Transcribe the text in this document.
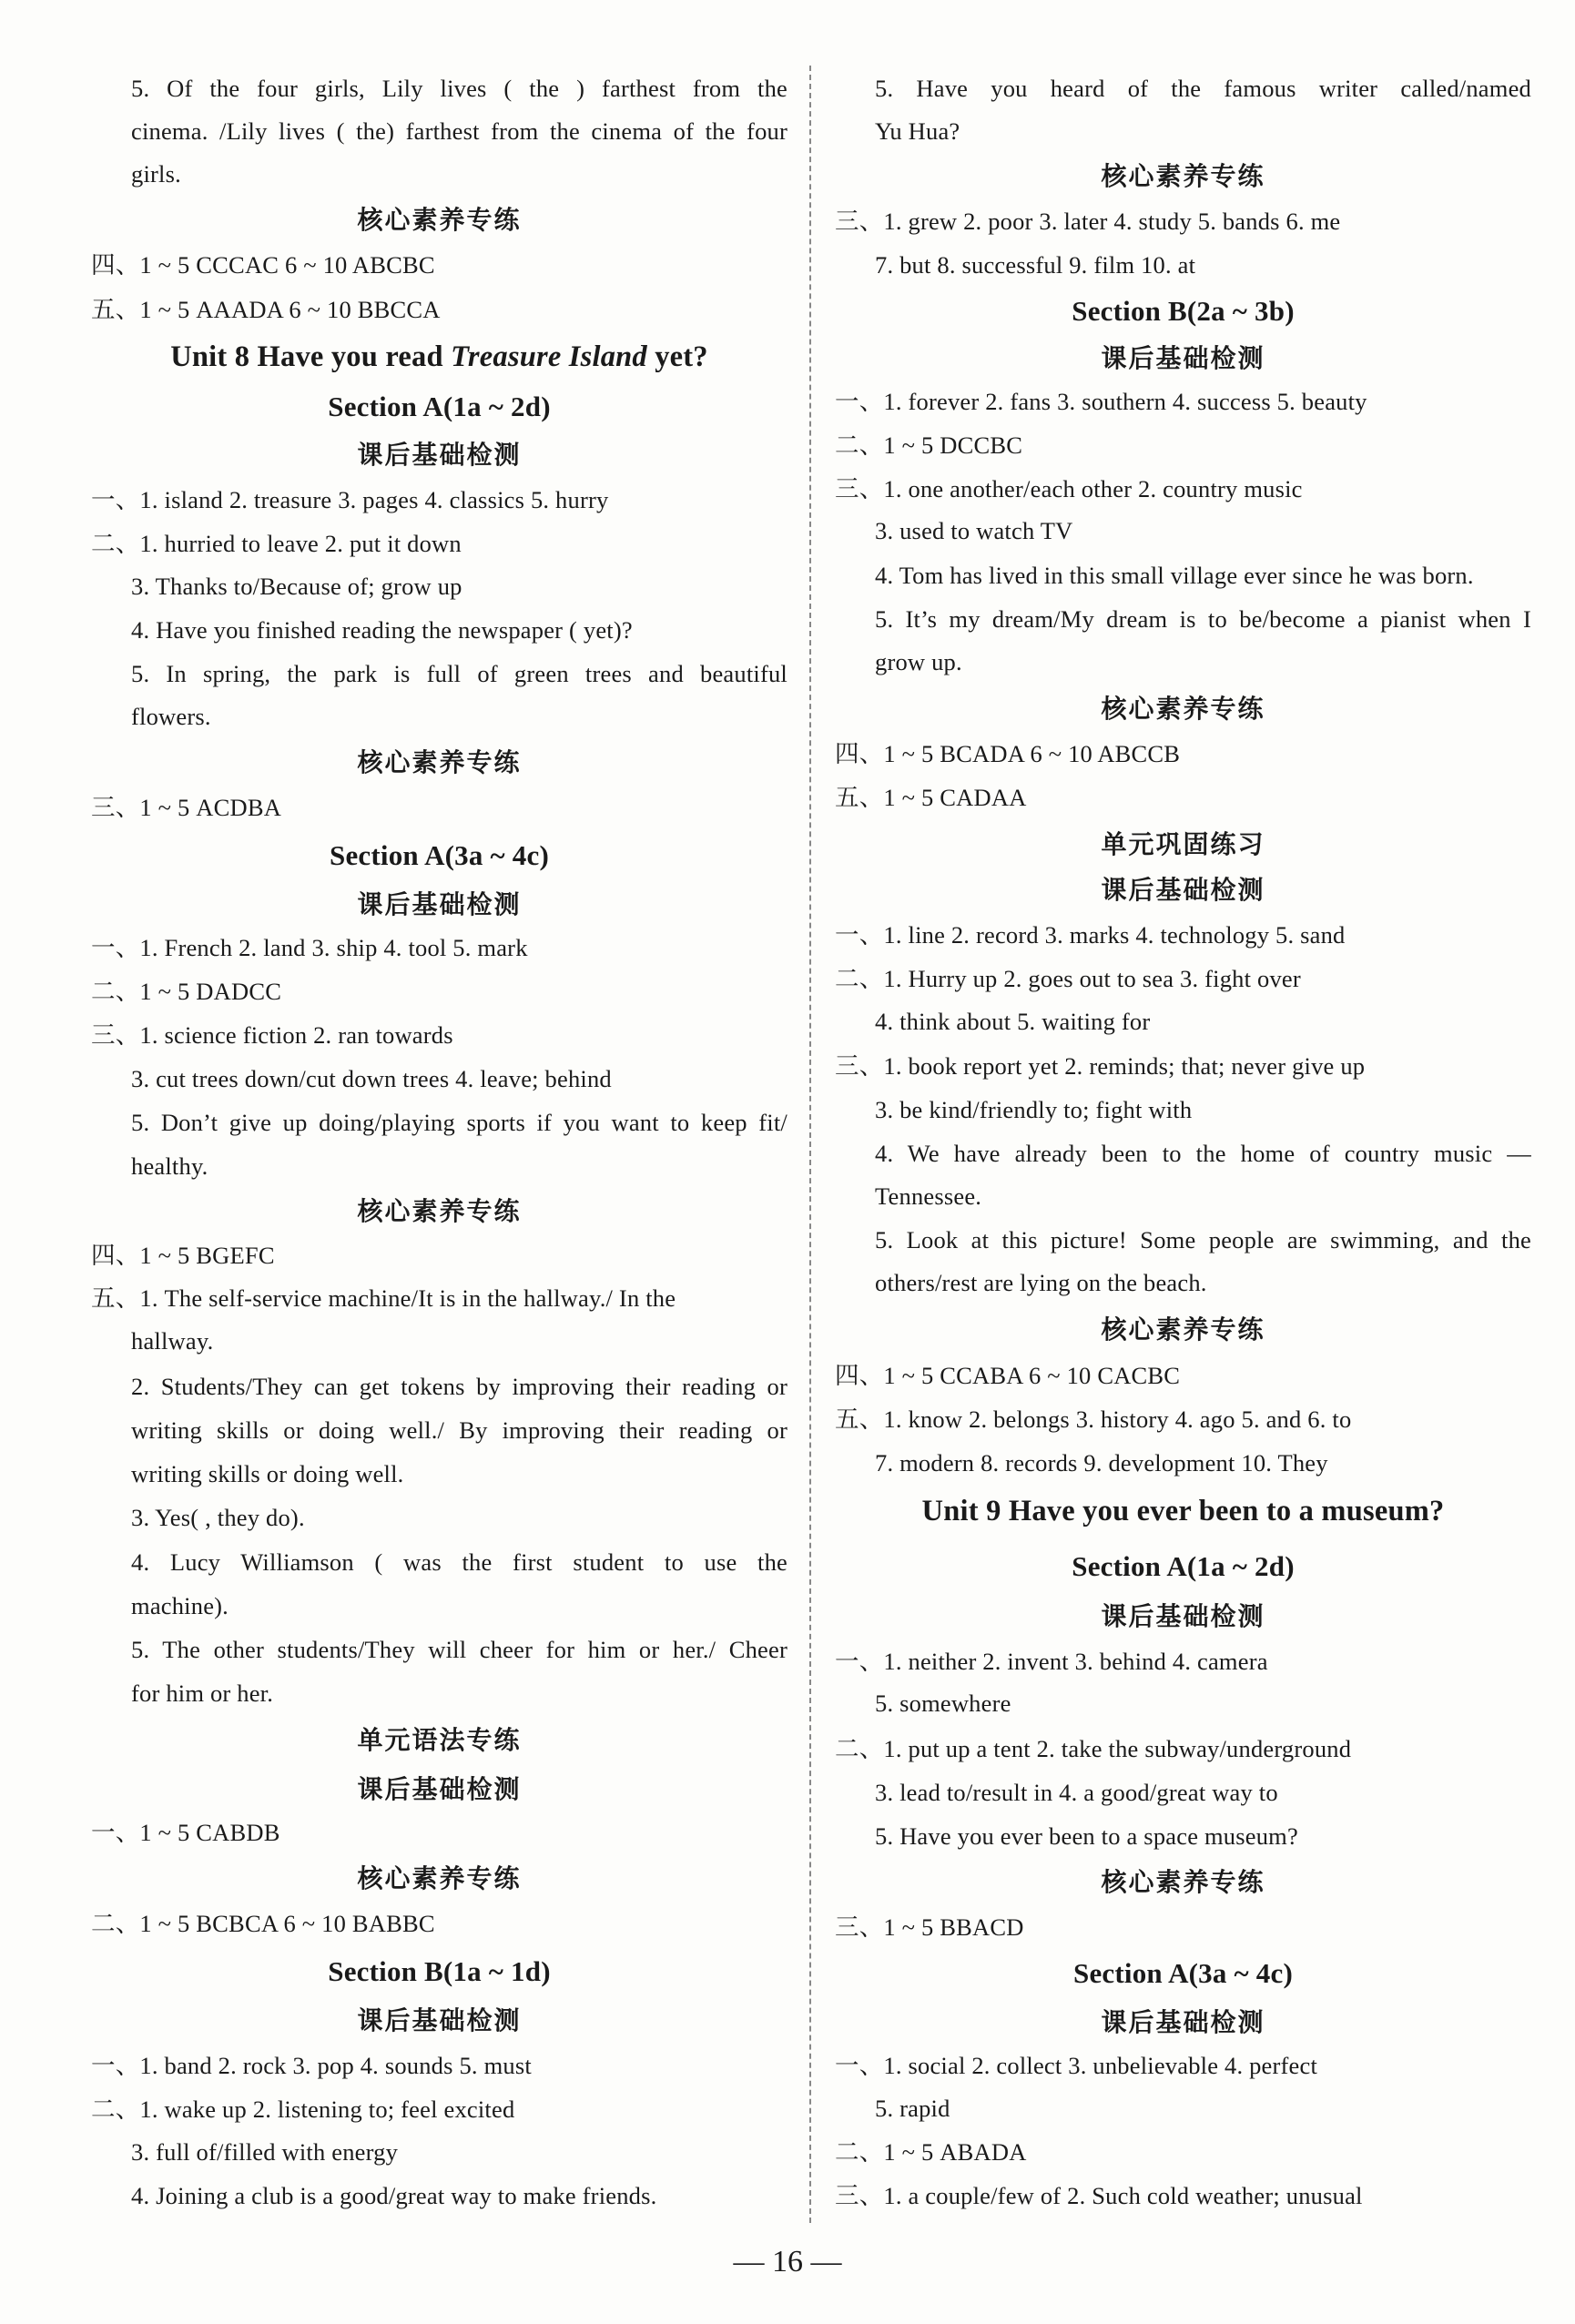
5. Of the four girls, Lily lives ( the ) farthest from the
cinema. /Lily lives ( the) farthest from the cinema of the four
girls.
核心素养专练
四、1 ~ 5 CCCAC 6 ~ 10 ABCBC
五、1 ~ 5 AAADA 6 ~ 10 BBCCA
Unit 8 Have you read Treasure Island yet?
Section A(1a ~ 2d)
课后基础检测
一、1. island 2. treasure 3. pages 4. classics 5. hurry
二、1. hurried to leave 2. put it down
3. Thanks to/Because of; grow up
4. Have you finished reading the newspaper ( yet)?
5. In spring, the park is full of green trees and beautiful
flowers.
核心素养专练
三、1 ~ 5 ACDBA
Section A(3a ~ 4c)
课后基础检测
一、1. French 2. land 3. ship 4. tool 5. mark
二、1 ~ 5 DADCC
三、1. science fiction 2. ran towards
3. cut trees down/cut down trees 4. leave; behind
5. Don’t give up doing/playing sports if you want to keep fit/
healthy.
核心素养专练
四、1 ~ 5 BGEFC
五、1. The self-service machine/It is in the hallway./ In the
hallway.
2. Students/They can get tokens by improving their reading or
writing skills or doing well./ By improving their reading or
writing skills or doing well.
3. Yes( , they do).
4. Lucy Williamson ( was the first student to use the
machine).
5. The other students/They will cheer for him or her./ Cheer
for him or her.
单元语法专练
课后基础检测
一、1 ~ 5 CABDB
核心素养专练
二、1 ~ 5 BCBCA 6 ~ 10 BABBC
Section B(1a ~ 1d)
课后基础检测
一、1. band 2. rock 3. pop 4. sounds 5. must
二、1. wake up 2. listening to; feel excited
3. full of/filled with energy
4. Joining a club is a good/great way to make friends.
5. Have you heard of the famous writer called/named
Yu Hua?
核心素养专练
三、1. grew 2. poor 3. later 4. study 5. bands 6. me
7. but 8. successful 9. film 10. at
Section B(2a ~ 3b)
课后基础检测
一、1. forever 2. fans 3. southern 4. success 5. beauty
二、1 ~ 5 DCCBC
三、1. one another/each other 2. country music
3. used to watch TV
4. Tom has lived in this small village ever since he was born.
5. It’s my dream/My dream is to be/become a pianist when I
grow up.
核心素养专练
四、1 ~ 5 BCADA 6 ~ 10 ABCCB
五、1 ~ 5 CADAA
单元巩固练习
课后基础检测
一、1. line 2. record 3. marks 4. technology 5. sand
二、1. Hurry up 2. goes out to sea 3. fight over
4. think about 5. waiting for
三、1. book report yet 2. reminds; that; never give up
3. be kind/friendly to; fight with
4. We have already been to the home of country music —
Tennessee.
5. Look at this picture! Some people are swimming, and the
others/rest are lying on the beach.
核心素养专练
四、1 ~ 5 CCABA 6 ~ 10 CACBC
五、1. know 2. belongs 3. history 4. ago 5. and 6. to
7. modern 8. records 9. development 10. They
Unit 9 Have you ever been to a museum?
Section A(1a ~ 2d)
课后基础检测
一、1. neither 2. invent 3. behind 4. camera
5. somewhere
二、1. put up a tent 2. take the subway/underground
3. lead to/result in 4. a good/great way to
5. Have you ever been to a space museum?
核心素养专练
三、1 ~ 5 BBACD
Section A(3a ~ 4c)
课后基础检测
一、1. social 2. collect 3. unbelievable 4. perfect
5. rapid
二、1 ~ 5 ABADA
三、1. a couple/few of 2. Such cold weather; unusual
— 16 —
